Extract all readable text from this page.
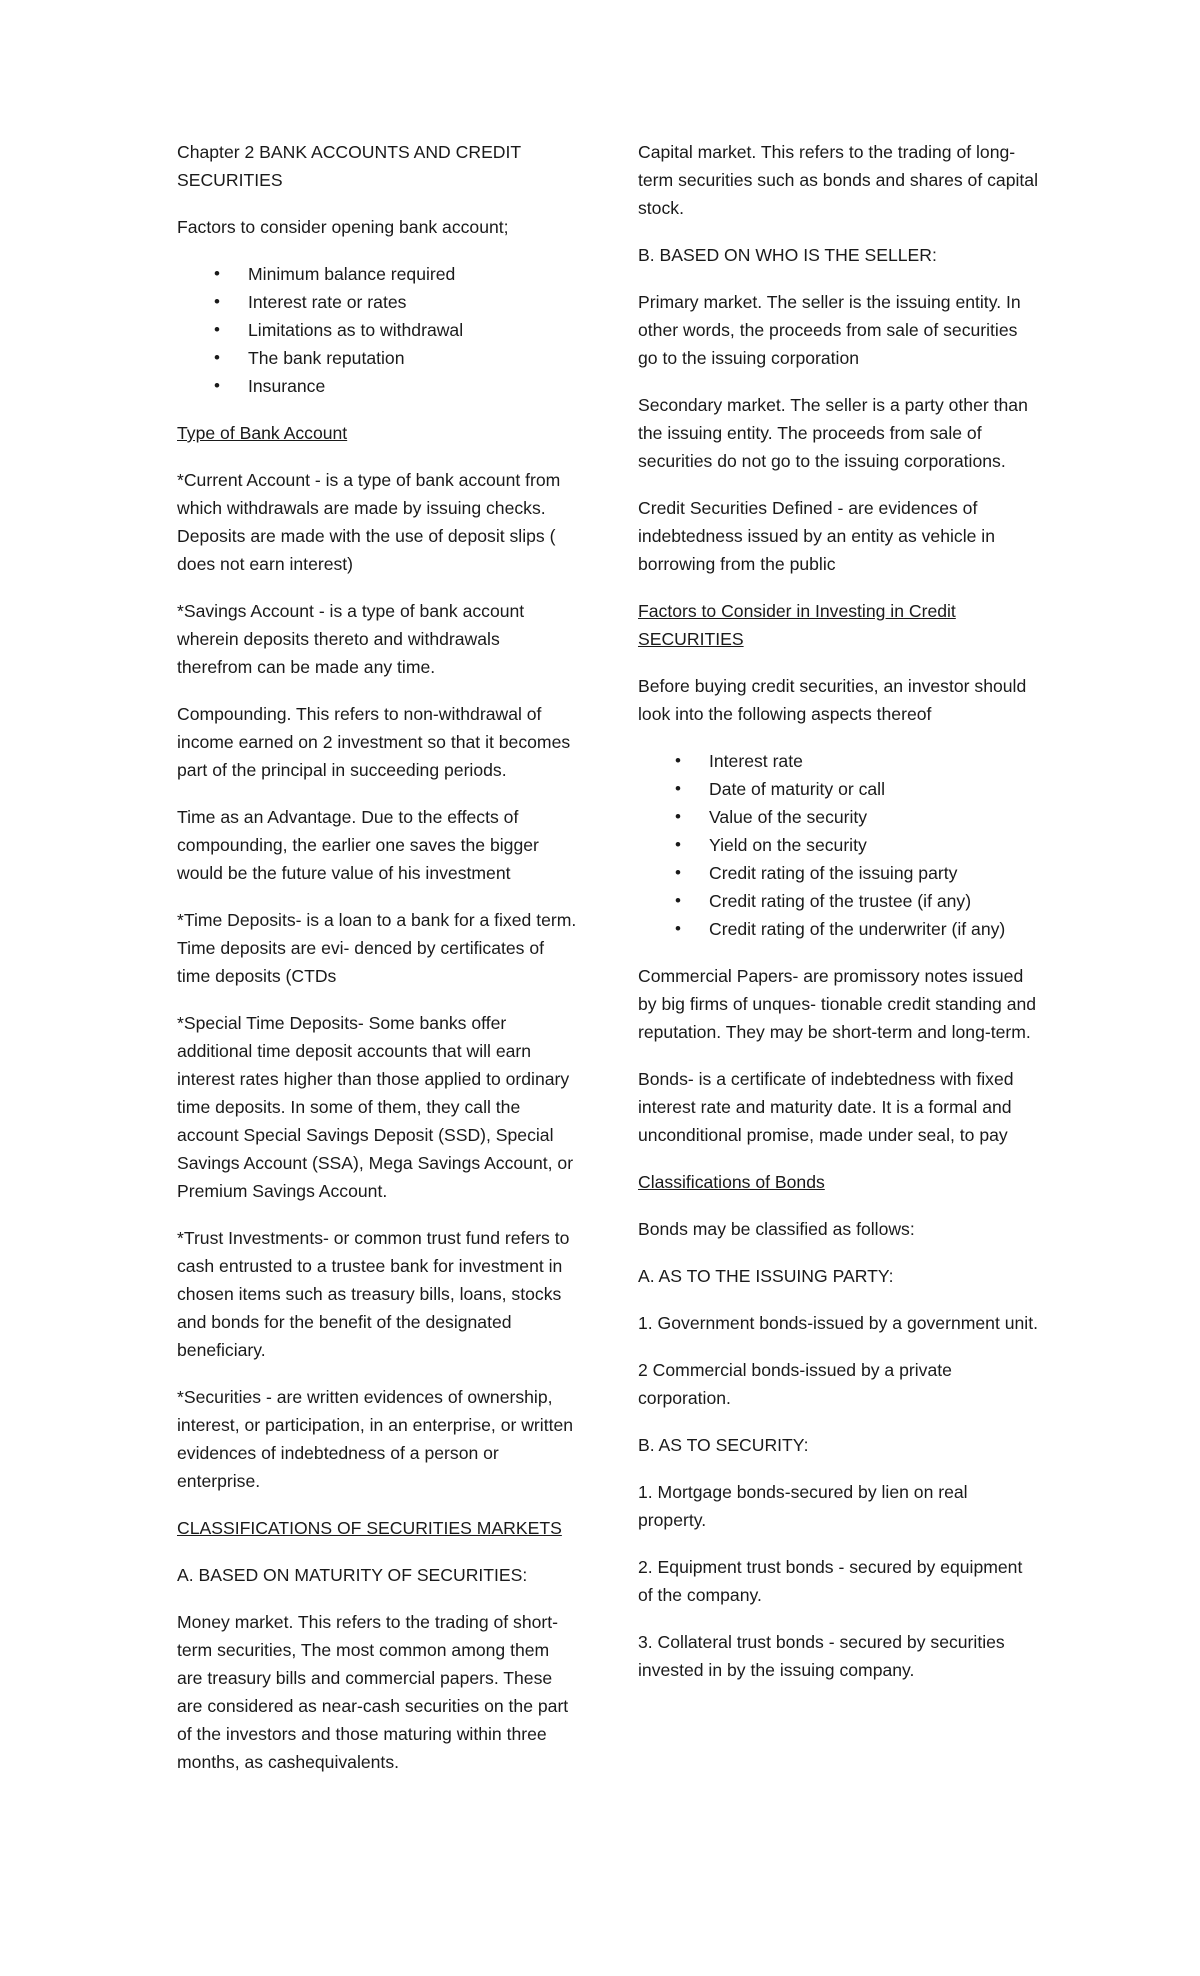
Chapter 2 BANK ACCOUNTS AND CREDIT SECURITIES

Factors to consider opening bank account;

• Minimum balance required
• Interest rate or rates
• Limitations as to withdrawal
• The bank reputation
• Insurance

Type of Bank Account

*Current Account - is a type of bank account from which withdrawals are made by issuing checks. Deposits are made with the use of deposit slips ( does not earn interest)

*Savings Account - is a type of bank account wherein deposits thereto and withdrawals therefrom can be made any time.

Compounding. This refers to non-withdrawal of income earned on 2 investment so that it becomes part of the principal in succeeding periods.

Time as an Advantage. Due to the effects of compounding, the earlier one saves the bigger would be the future value of his investment

*Time Deposits- is a loan to a bank for a fixed term. Time deposits are evi- denced by certificates of time deposits (CTDs

*Special Time Deposits- Some banks offer additional time deposit accounts that will earn interest rates higher than those applied to ordinary time deposits. In some of them, they call the account Special Savings Deposit (SSD), Special Savings Account (SSA), Mega Savings Account, or Premium Savings Account.

*Trust Investments- or common trust fund refers to cash entrusted to a trustee bank for investment in chosen items such as treasury bills, loans, stocks and bonds for the benefit of the designated beneficiary.

*Securities - are written evidences of ownership, interest, or participation, in an enterprise, or written evidences of indebtedness of a person or enterprise.

CLASSIFICATIONS OF SECURITIES MARKETS

A. BASED ON MATURITY OF SECURITIES:

Money market. This refers to the trading of short-term securities, The most common among them are treasury bills and commercial papers. These are considered as near-cash securities on the part of the investors and those maturing within three months, as cashequivalents.

Capital market. This refers to the trading of long-term securities such as bonds and shares of capital stock.

B. BASED ON WHO IS THE SELLER:

Primary market. The seller is the issuing entity. In other words, the proceeds from sale of securities go to the issuing corporation

Secondary market. The seller is a party other than the issuing entity. The proceeds from sale of securities do not go to the issuing corporations.

Credit Securities Defined - are evidences of indebtedness issued by an entity as vehicle in borrowing from the public

Factors to Consider in Investing in Credit SECURITIES

Before buying credit securities, an investor should look into the following aspects thereof

• Interest rate
• Date of maturity or call
• Value of the security
• Yield on the security
• Credit rating of the issuing party
• Credit rating of the trustee (if any)
• Credit rating of the underwriter (if any)

Commercial Papers- are promissory notes issued by big firms of unques- tionable credit standing and reputation. They may be short-term and long-term.

Bonds- is a certificate of indebtedness with fixed interest rate and maturity date. It is a formal and unconditional promise, made under seal, to pay

Classifications of Bonds

Bonds may be classified as follows:

A. AS TO THE ISSUING PARTY:

1. Government bonds-issued by a government unit.

2 Commercial bonds-issued by a private corporation.

B. AS TO SECURITY:

1. Mortgage bonds-secured by lien on real property.

2. Equipment trust bonds - secured by equipment of the company.

3. Collateral trust bonds - secured by securities invested in by the issuing company.
